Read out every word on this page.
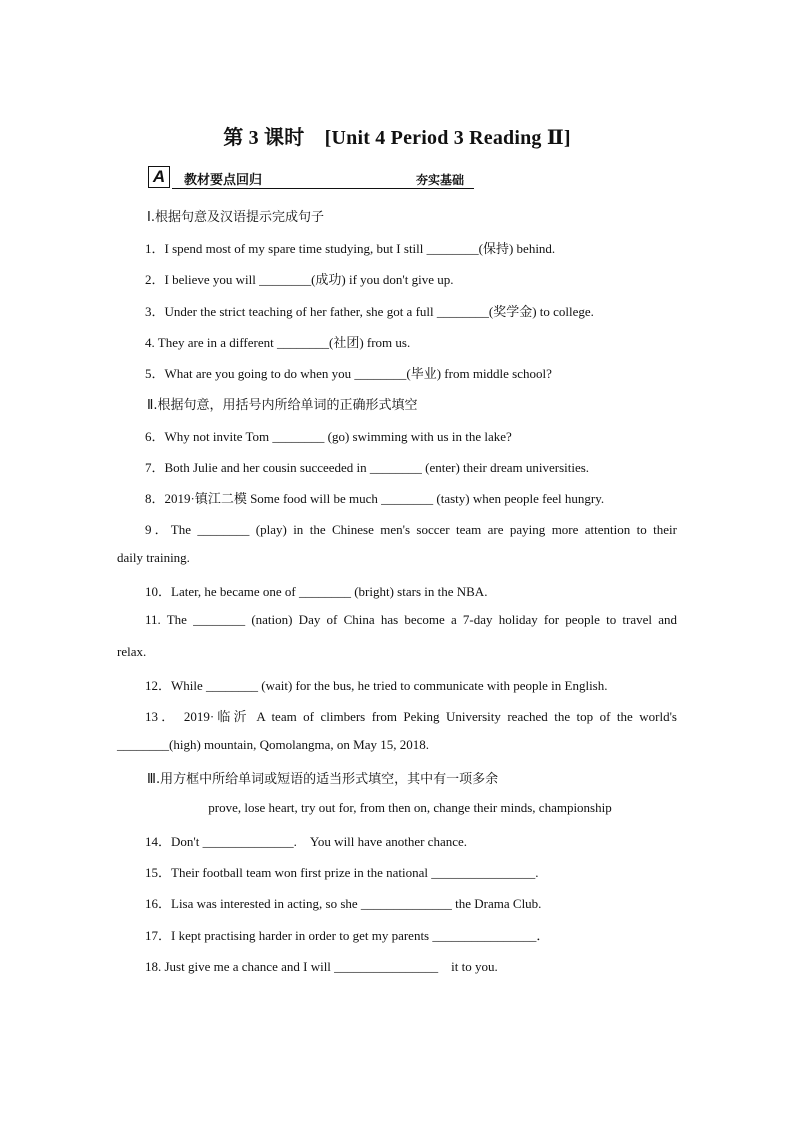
第 3 课时　[Unit 4 Period 3 Reading Ⅱ]
A	教材要点回归	夯实基础
Ⅰ.根据句意及汉语提示完成句子
1．I spend most of my spare time studying, but I still ________(保持) behind.
2．I believe you will ________(成功) if you don't give up.
3．Under the strict teaching of her father, she got a full ________(奖学金) to college.
4. They are in a different ________(社团) from us.
5．What are you going to do when you ________(毕业) from middle school?
Ⅱ.根据句意，用括号内所给单词的正确形式填空
6．Why not invite Tom ________ (go) swimming with us in the lake?
7．Both Julie and her cousin succeeded in ________ (enter) their dream universities.
8．2019·镇江二模 Some food will be much ________ (tasty) when people feel hungry.
9．The ________ (play) in the Chinese men's soccer team are paying more attention to their
daily training.
10．Later, he became one of ________ (bright) stars in the NBA.
11. The ________ (nation) Day of China has become a 7-day holiday for people to travel and
relax.
12．While ________ (wait) for the bus, he tried to communicate with people in English.
13． 2019·临沂 A team of climbers from Peking University reached the top of the world's
________(high) mountain, Qomolangma, on May 15, 2018.
Ⅲ.用方框中所给单词或短语的适当形式填空，其中有一项多余
prove, lose heart, try out for, from then on, change their minds, championship
14．Don't ______________.　You will have another chance.
15．Their football team won first prize in the national ________________.
16．Lisa was interested in acting, so she ______________ the Drama Club.
17．I kept practising harder in order to get my parents ________________．
18. Just give me a chance and I will ________________　it to you.
